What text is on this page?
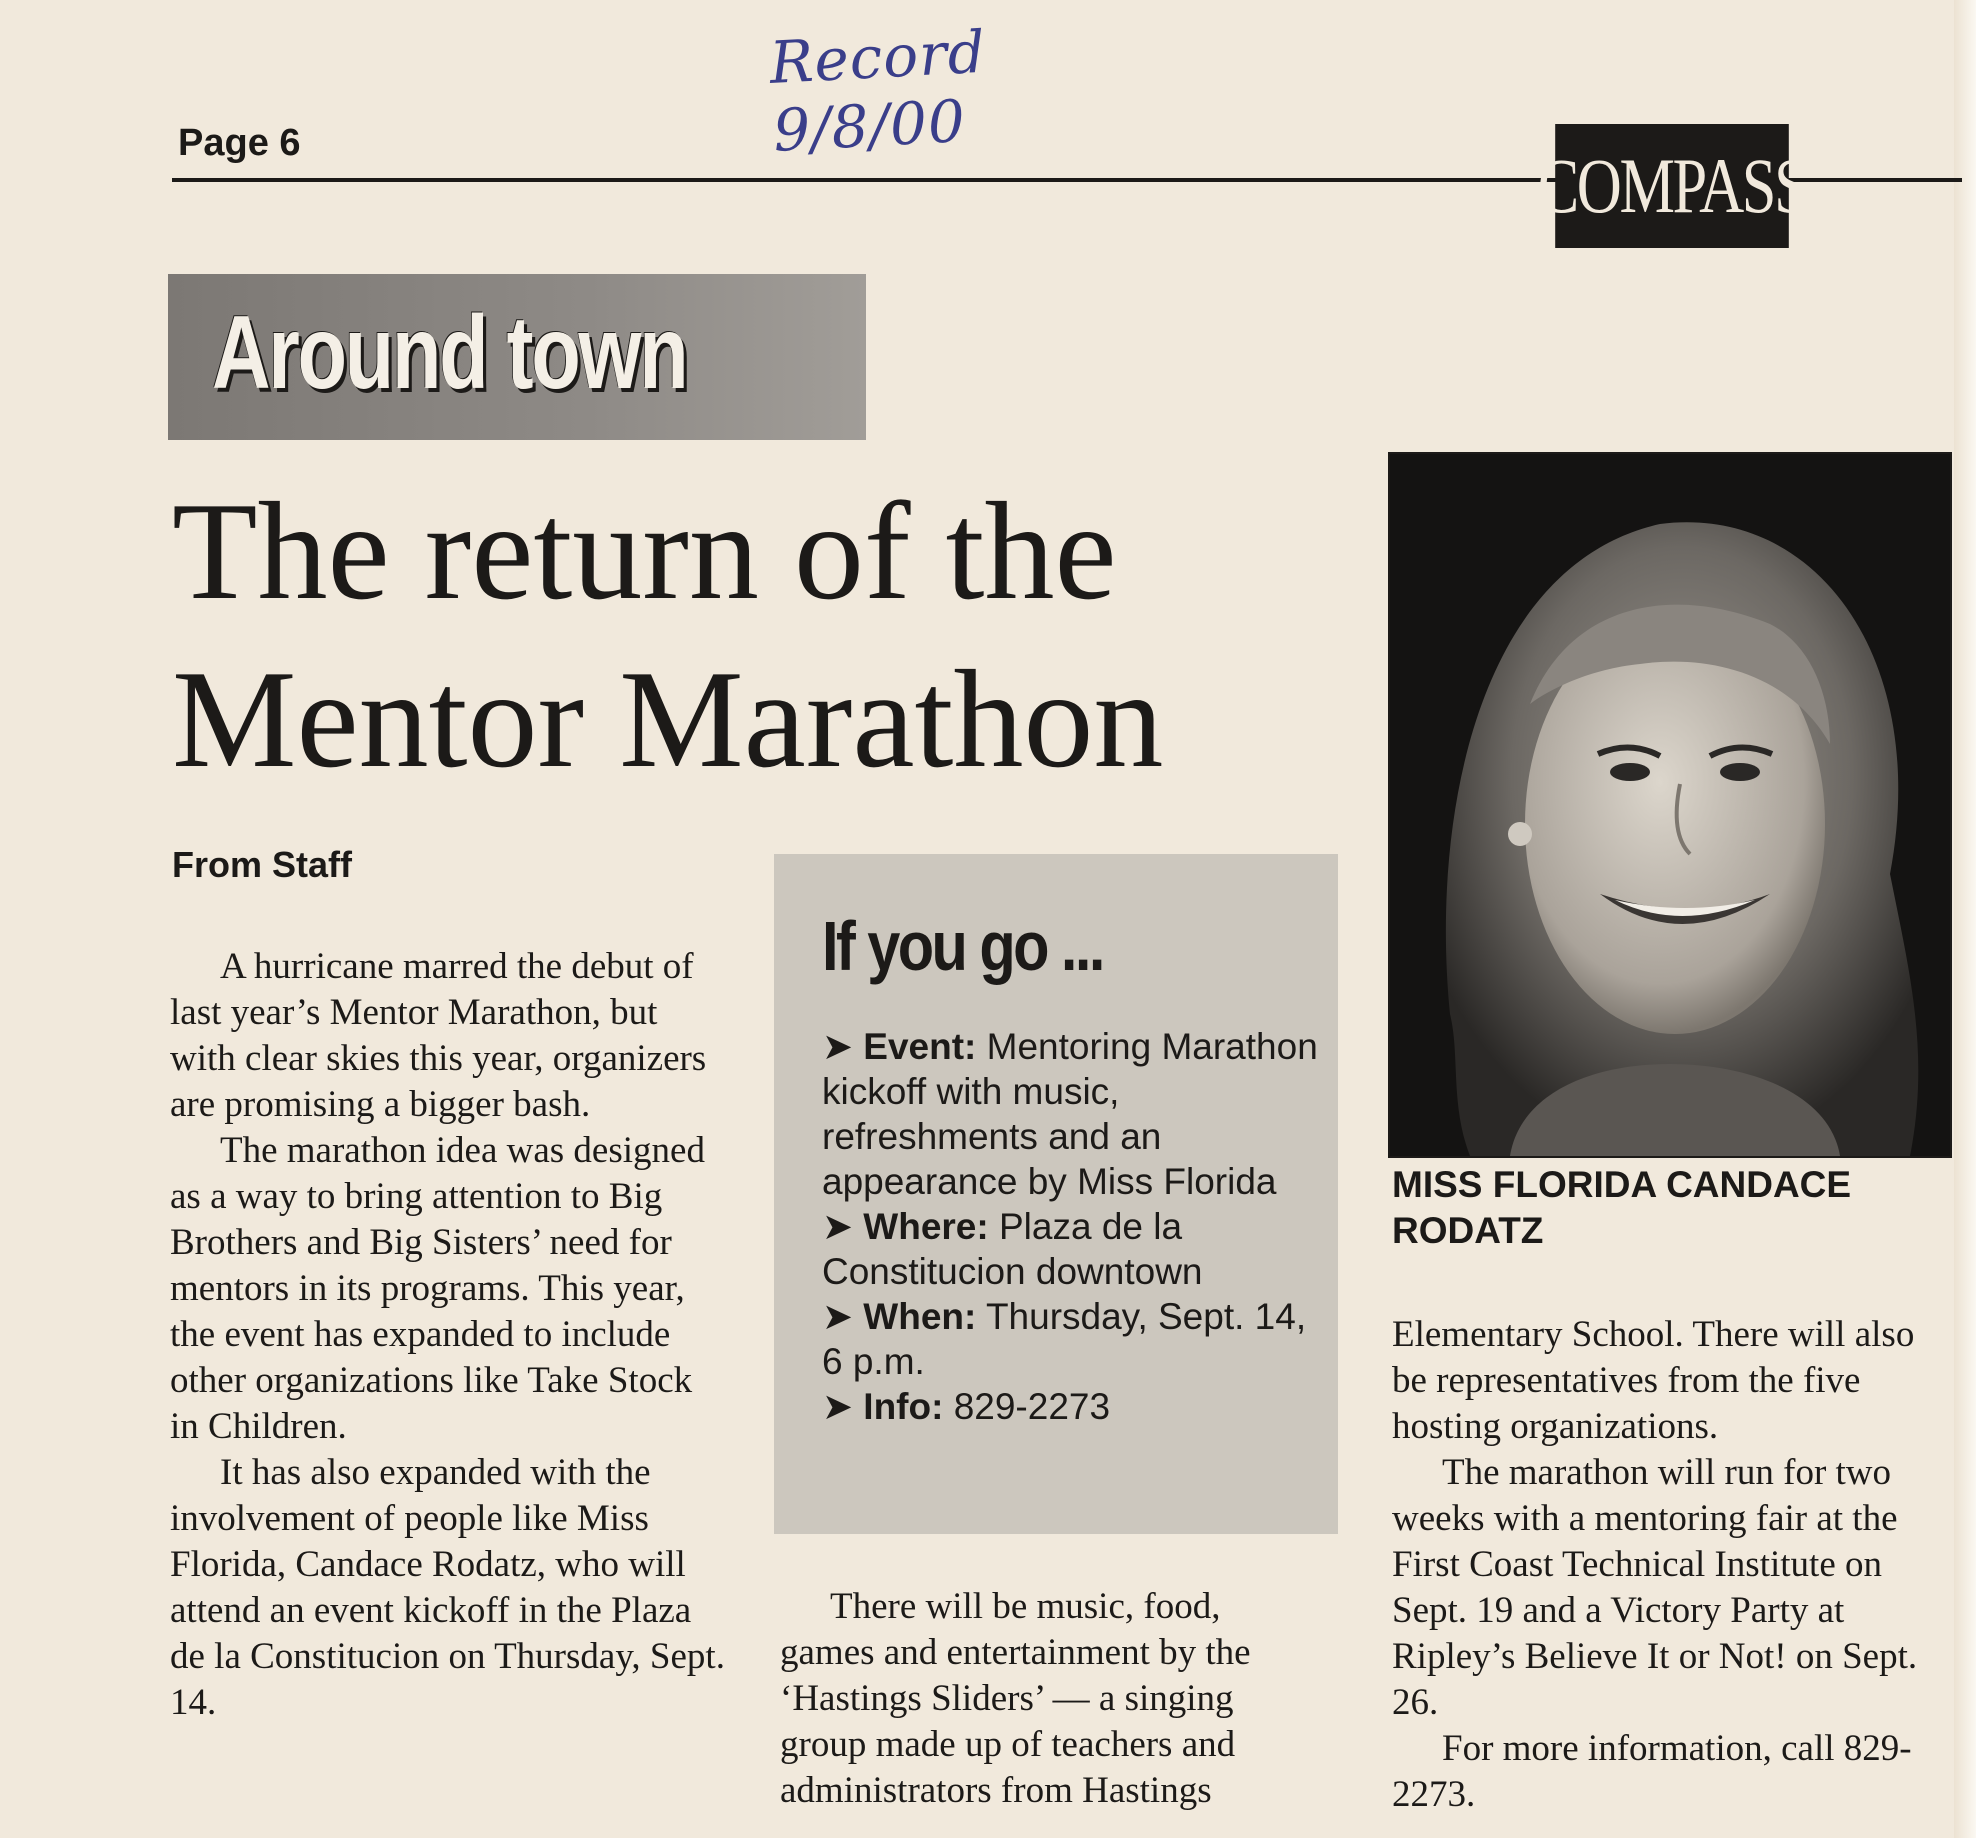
Record 9/8/00
Page 6	COMPASS
Around town
The return of the
Mentor Marathon
From Staff

A hurricane marred the debut of last year’s Mentor Marathon, but with clear skies this year, organizers are promising a bigger bash.

The marathon idea was designed as a way to bring attention to Big Brothers and Big Sisters’ need for mentors in its programs. This year, the event has expanded to include other organizations like Take Stock in Children.

It has also expanded with the involvement of people like Miss Florida, Candace Rodatz, who will attend an event kickoff in the Plaza de la Constitucion on Thursday, Sept. 14.

If you go ...

➤ Event: Mentoring Marathon kickoff with music, refreshments and an appearance by Miss Florida

➤ Where: Plaza de la Constitucion downtown

➤ When: Thursday, Sept. 14, 6 p.m.

➤ Info: 829-2273

There will be music, food, games and entertainment by the ‘Hastings Sliders’ — a singing group made up of teachers and administrators from Hastings

MISS FLORIDA CANDACE RODATZ

Elementary School. There will also be representatives from the five hosting organizations.

The marathon will run for two weeks with a mentoring fair at the First Coast Technical Institute on Sept. 19 and a Victory Party at Ripley’s Believe It or Not! on Sept. 26.

For more information, call 829-2273.
